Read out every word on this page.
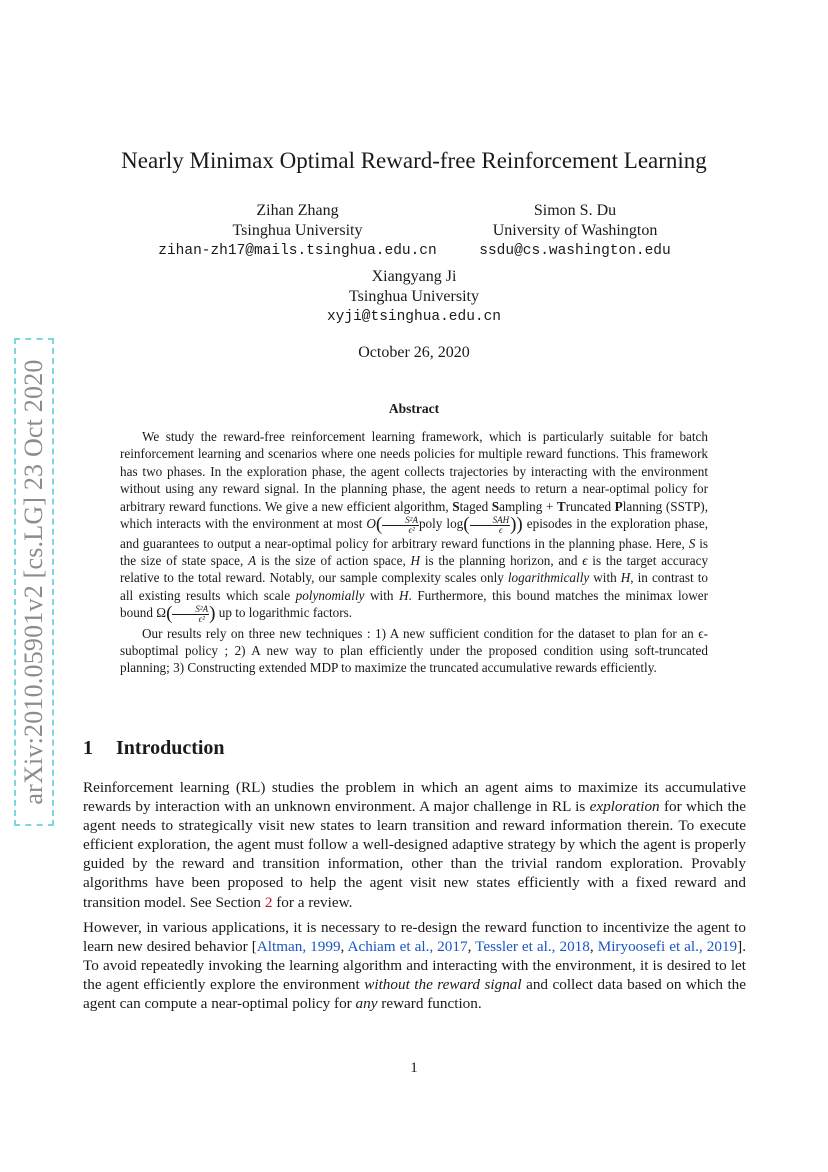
arXiv:2010.05901v2 [cs.LG] 23 Oct 2020
Nearly Minimax Optimal Reward-free Reinforcement Learning
Zihan Zhang
Tsinghua University
zihan-zh17@mails.tsinghua.edu.cn
Simon S. Du
University of Washington
ssdu@cs.washington.edu
Xiangyang Ji
Tsinghua University
xyji@tsinghua.edu.cn
October 26, 2020
Abstract

We study the reward-free reinforcement learning framework, which is particularly suitable for batch reinforcement learning and scenarios where one needs policies for multiple reward functions. This framework has two phases. In the exploration phase, the agent collects trajectories by interacting with the environment without using any reward signal. In the planning phase, the agent needs to return a near-optimal policy for arbitrary reward functions. We give a new efficient algorithm, Staged Sampling + Truncated Planning (SSTP), which interacts with the environment at most $O( \frac{\text{S²A}}{\text{ϵ²}}$ poly $\log( \frac{\text{SAH}}{\epsilon}$ )) episodes in the exploration phase, and guarantees to output a near-optimal policy for arbitrary reward functions in the planning phase. Here, S is the size of state space, A is the size of action space, H is the planning horizon, and ϵ is the target accuracy relative to the total reward. Notably, our sample complexity scales only logarithmically with H, in contrast to all existing results which scale polynomially with H. Furthermore, this bound matches the minimax lower bound $\Omega( \frac{\text{S²A}}{\text{ϵ²}}$ ) up to logarithmic factors.

Our results rely on three new techniques : 1) A new sufficient condition for the dataset to plan for an ϵ-suboptimal policy ; 2) A new way to plan efficiently under the proposed condition using soft-truncated planning; 3) Constructing extended MDP to maximize the truncated accumulative rewards efficiently.

1 Introduction

Reinforcement learning (RL) studies the problem in which an agent aims to maximize its accumulative rewards by interaction with an unknown environment. A major challenge in RL is exploration for which the agent needs to strategically visit new states to learn transition and reward information therein. To execute efficient exploration, the agent must follow a well-designed adaptive strategy by which the agent is properly guided by the reward and transition information, other than the trivial random exploration. Provably algorithms have been proposed to help the agent visit new states efficiently with a fixed reward and transition model. See Section 2 for a review.

However, in various applications, it is necessary to re-design the reward function to incentivize the agent to learn new desired behavior [Altman, 1999, Achiam et al., 2017, Tessler et al., 2018, Miryoosefi et al., 2019]. To avoid repeatedly invoking the learning algorithm and interacting with the environment, it is desired to let the agent efficiently explore the environment without the reward signal and collect data based on which the agent can compute a near-optimal policy for any reward function.

1
